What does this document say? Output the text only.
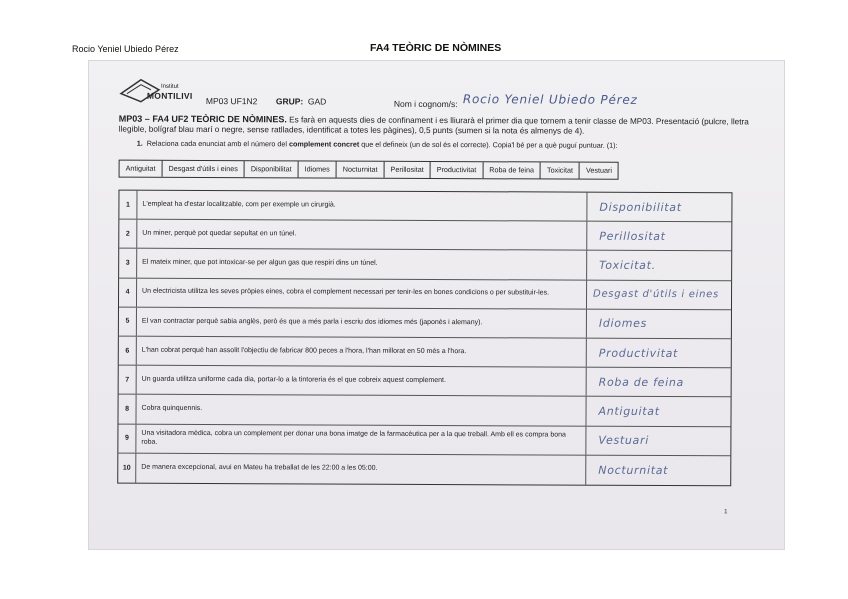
Rocio Yeniel Ubiedo Pérez	FA4 TEÒRIC DE NÒMINES
Institut
MONTILIVI
MP03 UF1N2 GRUP: GAD	Nom i cognom/s: Rocio Yeniel Ubiedo Pérez
MP03 – FA4 UF2 TEÒRIC DE NÒMINES. Es farà en aquests dies de confinament i es lliurarà el primer dia que tornem a tenir classe de MP03. Presentació (pulcre, lletra llegible, bolígraf blau marí o negre, sense ratllades, identificat a totes les pàgines), 0,5 punts (sumen si la nota és almenys de 4).
1. Relaciona cada enunciat amb el número del complement concret que el defineix (un de sol és el correcte). Copia'l bé per a què puguí puntuar. (1):
Antiguitat	Desgast d'útils i eines	Disponibilitat	Idiomes	Nocturnitat	Perillositat	Productivitat	Roba de feina	Toxicitat	Vestuari
1	L'empleat ha d'estar localitzable, com per exemple un cirurgià.	Disponibilitat
2	Un miner, perquè pot quedar sepultat en un túnel.	Perillositat
3	El mateix miner, que pot intoxicar-se per algun gas que respiri dins un túnel.	Toxicitat.
4	Un electricista utilitza les seves pròpies eines, cobra el complement necessari per tenir-les en bones condicions o per substituir-les.	Desgast d'útils i eines
5	El van contractar perquè sabia anglès, però és que a més parla i escriu dos idiomes més (japonès i alemany).	Idiomes
6	L'han cobrat perquè han assolit l'objectiu de fabricar 800 peces a l'hora, l'han millorat en 50 més a l'hora.	Productivitat
7	Un guarda utilitza uniforme cada dia, portar-lo a la tintoreria és el que cobreix aquest complement.	Roba de feina
8	Cobra quinquennis.	Antiguitat
9	Una visitadora mèdica, cobra un complement per donar una bona imatge de la farmacèutica per a la que treball. Amb ell es compra bona roba.	Vestuari
10	De manera excepcional, avui en Mateu ha treballat de les 22:00 a les 05:00.	Nocturnitat
1
